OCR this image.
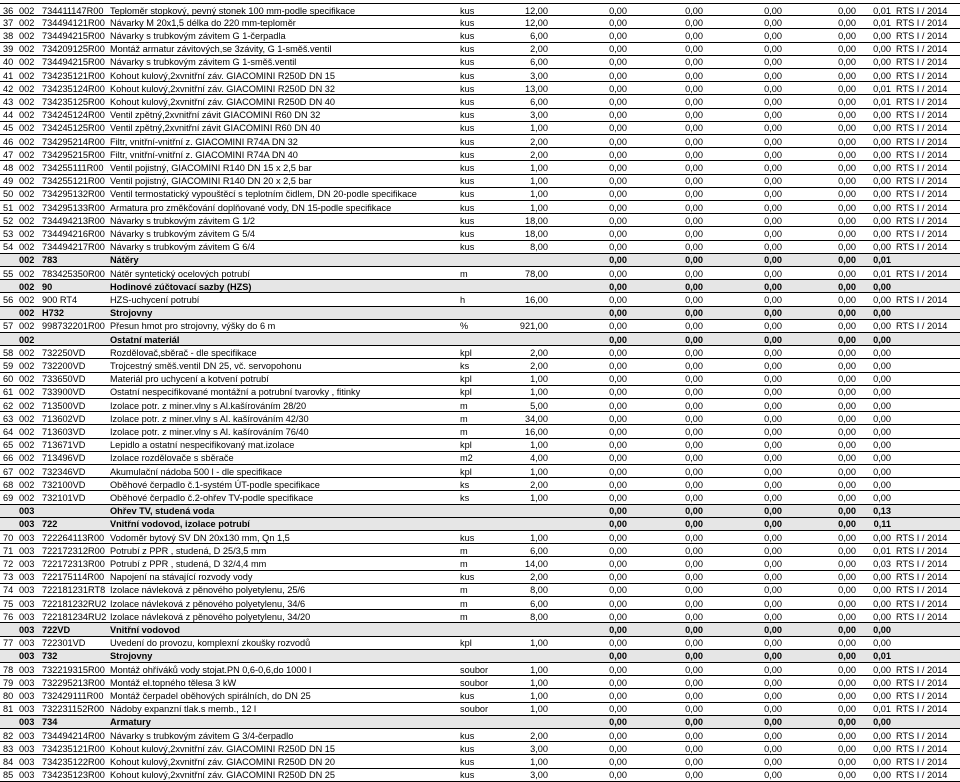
36 002 734411147R00 Teploměr stopkový, pevný stonek 100 mm-podle specifikace	kus	12,00	0,00	0,00	0,00	0,00	0,01 RTS I / 2014
37 002 734494121R00 Návarky M 20x1,5 délka do 220 mm-teploměr	kus	12,00	0,00	0,00	0,00	0,00	0,01 RTS I / 2014
38 002 734494215R00 Návarky s trubkovým závitem G 1-čerpadla	kus	6,00	0,00	0,00	0,00	0,00	0,00 RTS I / 2014
39 002 734209125R00 Montáž armatur závitových,se 3závity, G 1-směš.ventil	kus	2,00	0,00	0,00	0,00	0,00	0,00 RTS I / 2014
40 002 734494215R00 Návarky s trubkovým závitem G 1-směš.ventil	kus	6,00	0,00	0,00	0,00	0,00	0,00 RTS I / 2014
41 002 734235121R00 Kohout kulový,2xvnitřní záv. GIACOMINI R250D DN 15	kus	3,00	0,00	0,00	0,00	0,00	0,00 RTS I / 2014
42 002 734235124R00 Kohout kulový,2xvnitřní záv. GIACOMINI R250D DN 32	kus	13,00	0,00	0,00	0,00	0,00	0,01 RTS I / 2014
43 002 734235125R00 Kohout kulový,2xvnitřní záv. GIACOMINI R250D DN 40	kus	6,00	0,00	0,00	0,00	0,00	0,01 RTS I / 2014
44 002 734245124R00 Ventil zpětný,2xvnitřní závit GIACOMINI R60 DN 32	kus	3,00	0,00	0,00	0,00	0,00	0,00 RTS I / 2014
45 002 734245125R00 Ventil zpětný,2xvnitřní závit GIACOMINI R60 DN 40	kus	1,00	0,00	0,00	0,00	0,00	0,00 RTS I / 2014
46 002 734295214R00 Filtr, vnitřní-vnitřní z. GIACOMINI R74A DN 32	kus	2,00	0,00	0,00	0,00	0,00	0,00 RTS I / 2014
47 002 734295215R00 Filtr, vnitřní-vnitřní z. GIACOMINI R74A DN 40	kus	2,00	0,00	0,00	0,00	0,00	0,00 RTS I / 2014
48 002 734255111R00 Ventil pojistný, GIACOMINI R140 DN 15 x 2,5 bar	kus	1,00	0,00	0,00	0,00	0,00	0,00 RTS I / 2014
49 002 734255121R00 Ventil pojistný, GIACOMINI R140 DN 20 x 2,5 bar	kus	1,00	0,00	0,00	0,00	0,00	0,00 RTS I / 2014
50 002 734295132R00 Ventil termostatický vypouštěcí s teplotním čidlem, DN 20-podle specifikace	kus	1,00	0,00	0,00	0,00	0,00	0,00 RTS I / 2014
51 002 734295133R00 Armatura pro změkčování doplňované vody, DN 15-podle specifikace	kus	1,00	0,00	0,00	0,00	0,00	0,00 RTS I / 2014
52 002 734494213R00 Návarky s trubkovým závitem G 1/2	kus	18,00	0,00	0,00	0,00	0,00	0,00 RTS I / 2014
53 002 734494216R00 Návarky s trubkovým závitem G 5/4	kus	18,00	0,00	0,00	0,00	0,00	0,00 RTS I / 2014
54 002 734494217R00 Návarky s trubkovým závitem G 6/4	kus	8,00	0,00	0,00	0,00	0,00	0,00 RTS I / 2014
002 783	Nátěry	0,00	0,00	0,00	0,00	0,01
55 002 783425350R00 Nátěr syntetický ocelových potrubí	m	78,00	0,00	0,00	0,00	0,00	0,01 RTS I / 2014
002 90	Hodinové zúčtovací sazby (HZS)	0,00	0,00	0,00	0,00	0,00
56 002 900 RT4	HZS-uchycení potrubí	h	16,00	0,00	0,00	0,00	0,00	0,00 RTS I / 2014
002 H732	Strojovny	0,00	0,00	0,00	0,00	0,00
57 002 998732201R00 Přesun hmot pro strojovny, výšky do 6 m	%	921,00	0,00	0,00	0,00	0,00	0,00 RTS I / 2014
002	Ostatní materiál	0,00	0,00	0,00	0,00	0,00
58 002 732250VD	Rozdělovač,sběrač - dle specifikace	kpl	2,00	0,00	0,00	0,00	0,00	0,00
59 002 732200VD	Trojcestný směš.ventil DN 25, vč. servopohonu	ks	2,00	0,00	0,00	0,00	0,00	0,00
60 002 733650VD	Materiál pro uchycení a kotvení potrubí	kpl	1,00	0,00	0,00	0,00	0,00	0,00
61 002 733900VD	Ostatní nespecifikované montážní a potrubní tvarovky , fitinky	kpl	1,00	0,00	0,00	0,00	0,00	0,00
62 002 713500VD	Izolace potr. z miner.vlny s Al.kašírováním 28/20	m	5,00	0,00	0,00	0,00	0,00	0,00
63 002 713602VD	Izolace potr. z miner.vlny s Al. kašírováním 42/30	m	34,00	0,00	0,00	0,00	0,00	0,00
64 002 713603VD	Izolace potr. z miner.vlny s Al. kašírováním 76/40	m	16,00	0,00	0,00	0,00	0,00	0,00
65 002 713671VD	Lepidlo a ostatní nespecifikovaný mat.izolace	kpl	1,00	0,00	0,00	0,00	0,00	0,00
66 002 713496VD	Izolace rozdělovače s sběrače	m2	4,00	0,00	0,00	0,00	0,00	0,00
67 002 732346VD	Akumulační nádoba 500 l - dle specifikace	kpl	1,00	0,00	0,00	0,00	0,00	0,00
68 002 732100VD	Oběhové čerpadlo č.1-systém ÚT-podle specifikace	ks	2,00	0,00	0,00	0,00	0,00	0,00
69 002 732101VD	Oběhové čerpadlo č.2-ohřev TV-podle specifikace	ks	1,00	0,00	0,00	0,00	0,00	0,00
003	Ohřev TV, studená voda	0,00	0,00	0,00	0,00	0,13
003 722	Vnitřní vodovod, izolace potrubí	0,00	0,00	0,00	0,00	0,11
70 003 722264113R00 Vodoměr bytový SV DN 20x130 mm, Qn 1,5	kus	1,00	0,00	0,00	0,00	0,00	0,00 RTS I / 2014
71 003 722172312R00 Potrubí z PPR , studená, D 25/3,5 mm	m	6,00	0,00	0,00	0,00	0,00	0,01 RTS I / 2014
72 003 722172313R00 Potrubí z PPR , studená, D 32/4,4 mm	m	14,00	0,00	0,00	0,00	0,00	0,03 RTS I / 2014
73 003 722175114R00 Napojení na stávající rozvody vody	kus	2,00	0,00	0,00	0,00	0,00	0,00 RTS I / 2014
74 003 722181231RT8 Izolace návleková z pěnového polyetylenu, 25/6	m	8,00	0,00	0,00	0,00	0,00	0,00 RTS I / 2014
75 003 722181232RU2 Izolace návleková z pěnového polyetylenu, 34/6	m	6,00	0,00	0,00	0,00	0,00	0,00 RTS I / 2014
76 003 722181234RU2 Izolace návleková z pěnového polyetylenu, 34/20	m	8,00	0,00	0,00	0,00	0,00	0,00 RTS I / 2014
003 722VD	Vnitřní vodovod	0,00	0,00	0,00	0,00	0,00
77 003 722301VD	Uvedení do provozu, komplexní zkoušky rozvodů	kpl	1,00	0,00	0,00	0,00	0,00	0,00
003 732	Strojovny	0,00	0,00	0,00	0,00	0,01
78 003 732219315R00 Montáž ohříváků vody stojat.PN 0,6-0,6,do 1000 l	soubor	1,00	0,00	0,00	0,00	0,00	0,00 RTS I / 2014
79 003 732295213R00 Montáž el.topného tělesa 3 kW	soubor	1,00	0,00	0,00	0,00	0,00	0,00 RTS I / 2014
80 003 732429111R00 Montáž čerpadel oběhových spirálních, do DN 25	kus	1,00	0,00	0,00	0,00	0,00	0,00 RTS I / 2014
81 003 732231152R00 Nádoby expanzní tlak.s memb., 12 l	soubor	1,00	0,00	0,00	0,00	0,00	0,01 RTS I / 2014
003 734	Armatury	0,00	0,00	0,00	0,00	0,00
82 003 734494214R00 Návarky s trubkovým závitem G 3/4-čerpadlo	kus	2,00	0,00	0,00	0,00	0,00	0,00 RTS I / 2014
83 003 734235121R00 Kohout kulový,2xvnitřní záv. GIACOMINI R250D DN 15	kus	3,00	0,00	0,00	0,00	0,00	0,00 RTS I / 2014
84 003 734235122R00 Kohout kulový,2xvnitřní záv. GIACOMINI R250D DN 20	kus	1,00	0,00	0,00	0,00	0,00	0,00 RTS I / 2014
85 003 734235123R00 Kohout kulový,2xvnitřní záv. GIACOMINI R250D DN 25	kus	3,00	0,00	0,00	0,00	0,00	0,00 RTS I / 2014
